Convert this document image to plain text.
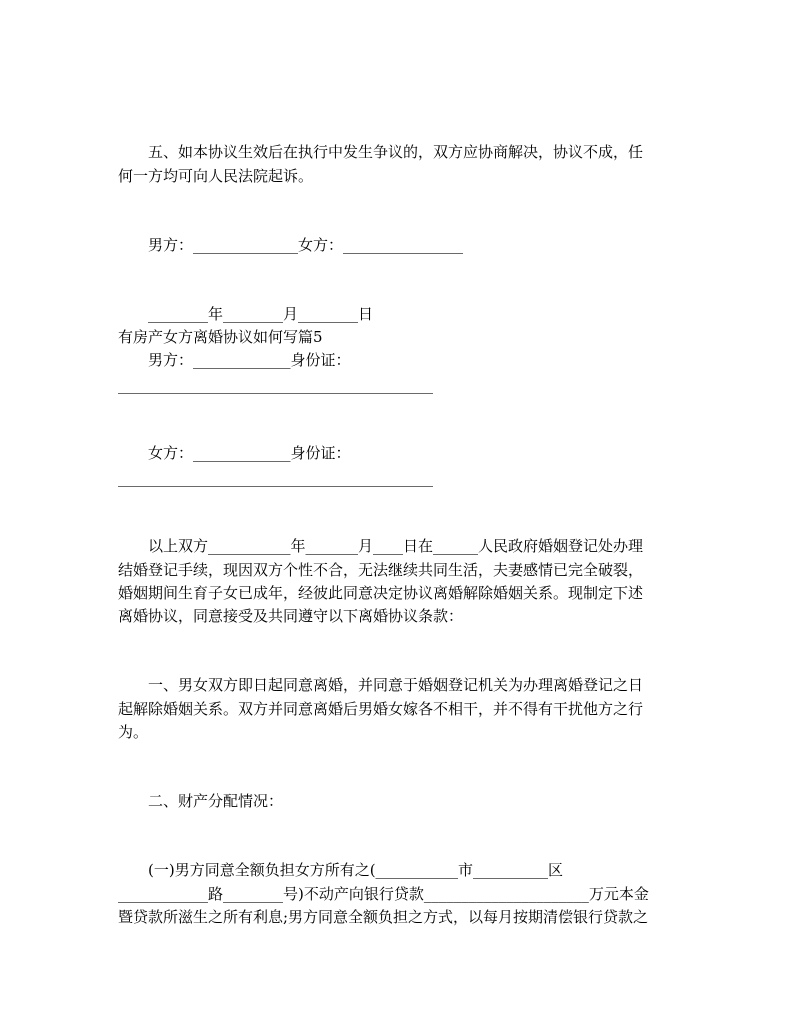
五、如本协议生效后在执行中发生争议的，双方应协商解决，协议不成，任

何一方均可向人民法院起诉。

男方：______________女方：________________

________年________月________日

有房产女方离婚协议如何写篇5

男方：_____________身份证：

__________________________________________

女方：_____________身份证：

__________________________________________

以上双方___________年_______月____日在______人民政府婚姻登记处办理

结婚登记手续，现因双方个性不合，无法继续共同生活，夫妻感情已完全破裂，

婚姻期间生育子女已成年，经彼此同意决定协议离婚解除婚姻关系。现制定下述

离婚协议，同意接受及共同遵守以下离婚协议条款：

一、男女双方即日起同意离婚，并同意于婚姻登记机关为办理离婚登记之日

起解除婚姻关系。双方并同意离婚后男婚女嫁各不相干，并不得有干扰他方之行

为。

二、财产分配情况：

(一)男方同意全额负担女方所有之(___________市__________区

____________路________号)不动产向银行贷款______________________万元本金

暨贷款所滋生之所有利息;男方同意全额负担之方式，以每月按期清偿银行贷款之
